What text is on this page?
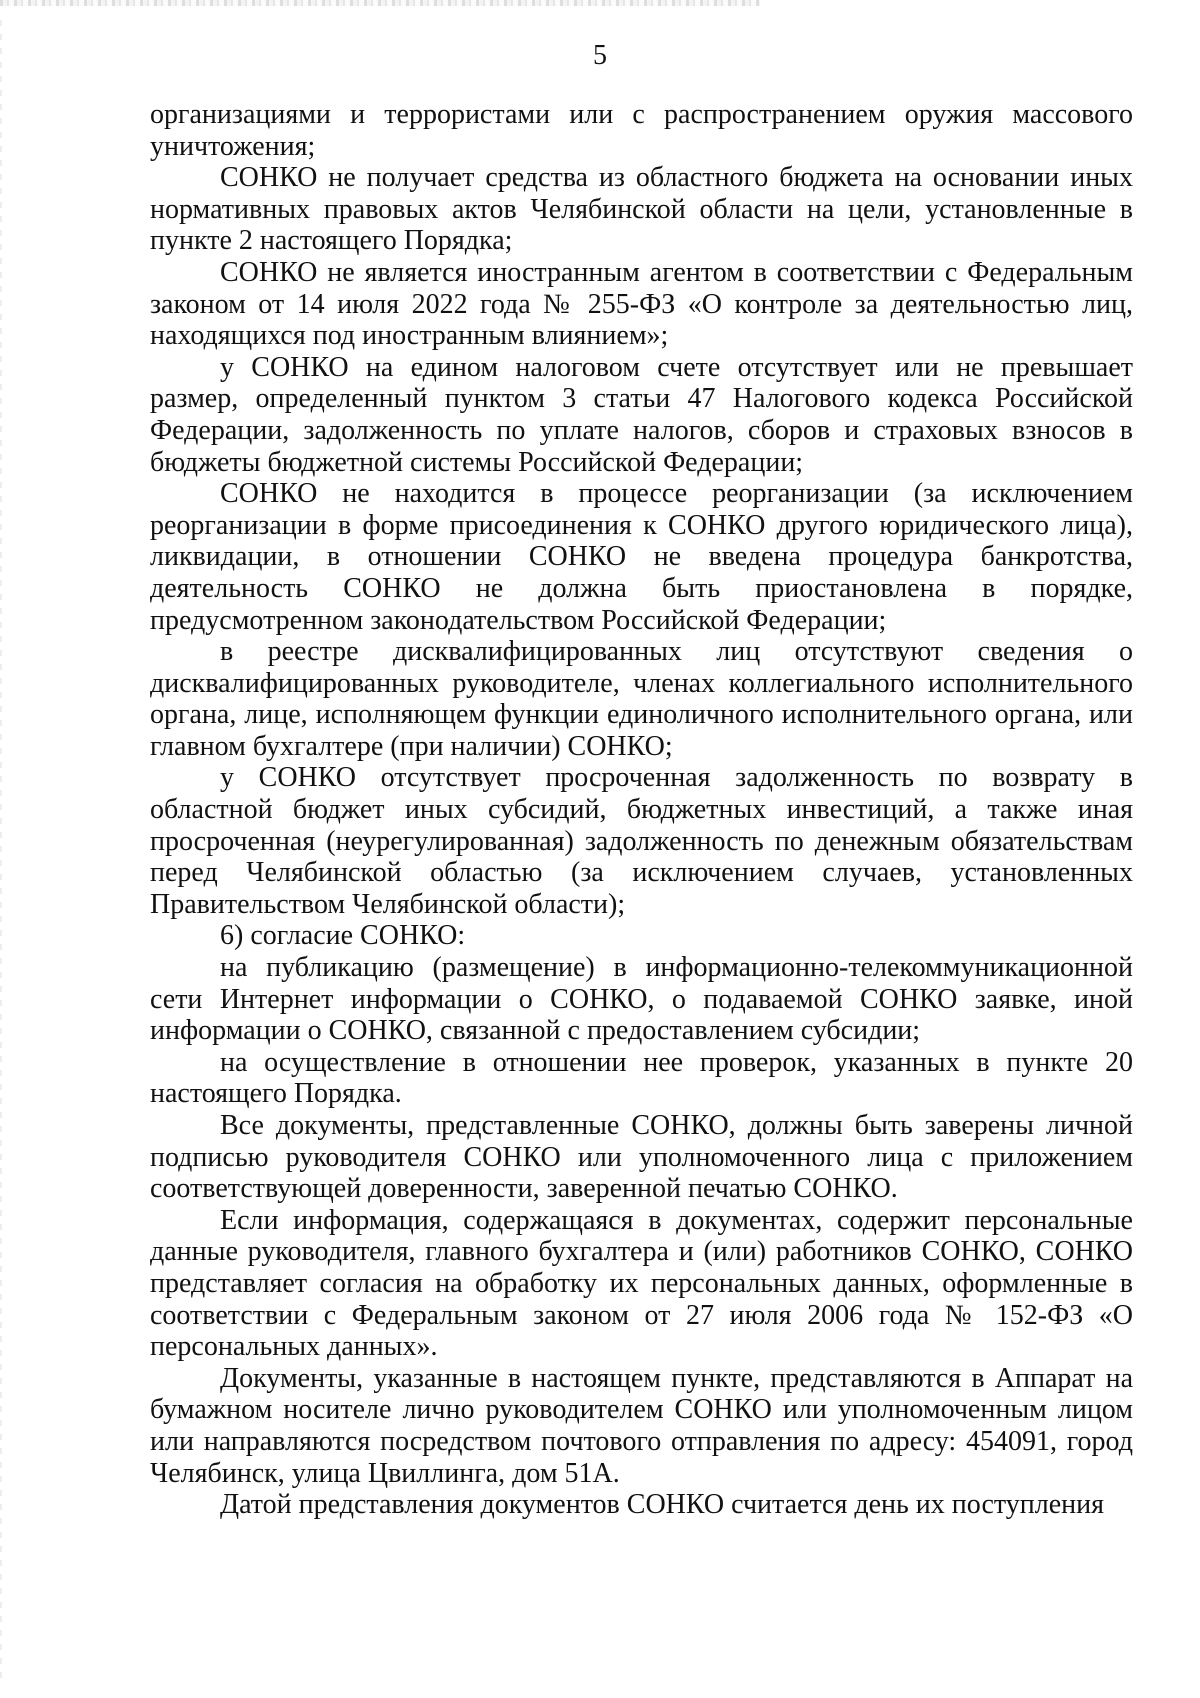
5

организациями и террористами или с распространением оружия массового уничтожения;

СОНКО не получает средства из областного бюджета на основании иных нормативных правовых актов Челябинской области на цели, установленные в пункте 2 настоящего Порядка;

СОНКО не является иностранным агентом в соответствии с Федеральным законом от 14 июля 2022 года № 255-ФЗ «О контроле за деятельностью лиц, находящихся под иностранным влиянием»;

у СОНКО на едином налоговом счете отсутствует или не превышает размер, определенный пунктом 3 статьи 47 Налогового кодекса Российской Федерации, задолженность по уплате налогов, сборов и страховых взносов в бюджеты бюджетной системы Российской Федерации;

СОНКО не находится в процессе реорганизации (за исключением реорганизации в форме присоединения к СОНКО другого юридического лица), ликвидации, в отношении СОНКО не введена процедура банкротства, деятельность СОНКО не должна быть приостановлена в порядке, предусмотренном законодательством Российской Федерации;

в реестре дисквалифицированных лиц отсутствуют сведения о дисквалифицированных руководителе, членах коллегиального исполнительного органа, лице, исполняющем функции единоличного исполнительного органа, или главном бухгалтере (при наличии) СОНКО;

у СОНКО отсутствует просроченная задолженность по возврату в областной бюджет иных субсидий, бюджетных инвестиций, а также иная просроченная (неурегулированная) задолженность по денежным обязательствам перед Челябинской областью (за исключением случаев, установленных Правительством Челябинской области);

6) согласие СОНКО:

на публикацию (размещение) в информационно-телекоммуникационной сети Интернет информации о СОНКО, о подаваемой СОНКО заявке, иной информации о СОНКО, связанной с предоставлением субсидии;

на осуществление в отношении нее проверок, указанных в пункте 20 настоящего Порядка.

Все документы, представленные СОНКО, должны быть заверены личной подписью руководителя СОНКО или уполномоченного лица с приложением соответствующей доверенности, заверенной печатью СОНКО.

Если информация, содержащаяся в документах, содержит персональные данные руководителя, главного бухгалтера и (или) работников СОНКО, СОНКО представляет согласия на обработку их персональных данных, оформленные в соответствии с Федеральным законом от 27 июля 2006 года № 152-ФЗ «О персональных данных».

Документы, указанные в настоящем пункте, представляются в Аппарат на бумажном носителе лично руководителем СОНКО или уполномоченным лицом или направляются посредством почтового отправления по адресу: 454091, город Челябинск, улица Цвиллинга, дом 51А.

Датой представления документов СОНКО считается день их поступления
